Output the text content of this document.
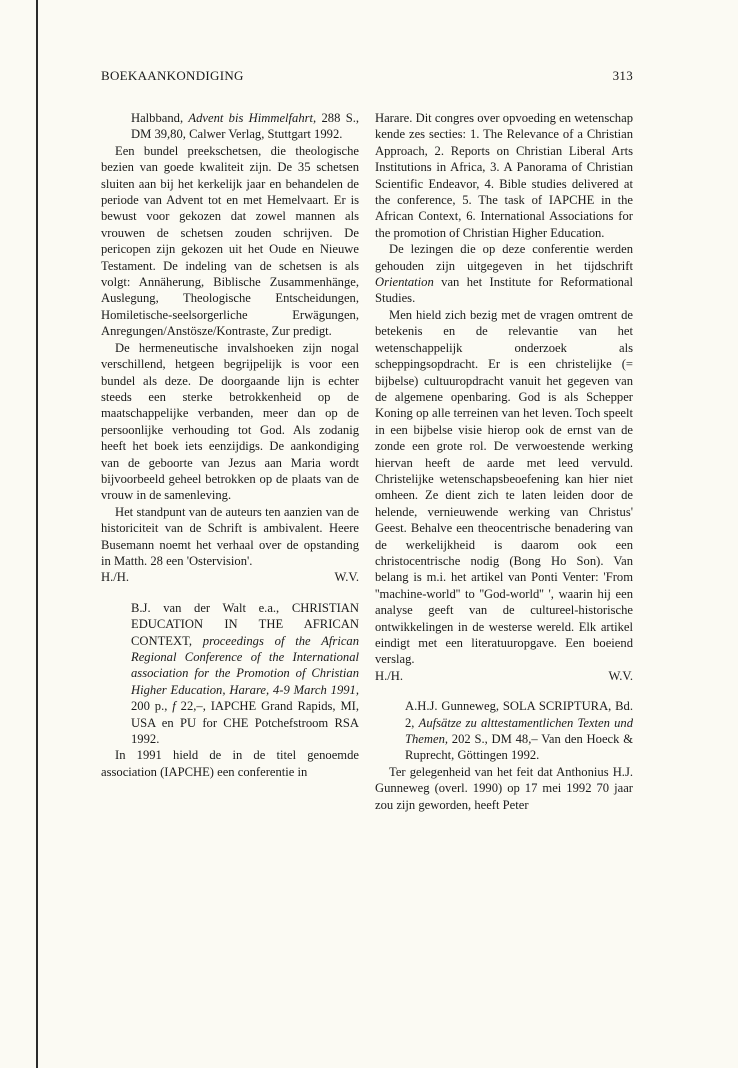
BOEKAANKONDIGING	313

Halbband, Advent bis Himmelfahrt, 288 S., DM 39,80, Calwer Verlag, Stuttgart 1992.

Een bundel preekschetsen, die theologische bezien van goede kwaliteit zijn. De 35 schetsen sluiten aan bij het kerkelijk jaar en behandelen de periode van Advent tot en met Hemelvaart. Er is bewust voor gekozen dat zowel mannen als vrouwen de schetsen zouden schrijven. De pericopen zijn gekozen uit het Oude en Nieuwe Testament. De indeling van de schetsen is als volgt: Annäherung, Biblische Zusammenhänge, Auslegung, Theologische Entscheidungen, Homiletische-seelsorgerliche Erwägungen, Anregungen/Anstösze/Kontraste, Zur predigt.

De hermeneutische invalshoeken zijn nogal verschillend, hetgeen begrijpelijk is voor een bundel als deze. De doorgaande lijn is echter steeds een sterke betrokkenheid op de maatschappelijke verbanden, meer dan op de persoonlijke verhouding tot God. Als zodanig heeft het boek iets eenzijdigs. De aankondiging van de geboorte van Jezus aan Maria wordt bijvoorbeeld geheel betrokken op de plaats van de vrouw in de samenleving.

Het standpunt van de auteurs ten aanzien van de historiciteit van de Schrift is ambivalent. Heere Busemann noemt het verhaal over de opstanding in Matth. 28 een 'Ostervision'.

H./H.	W.V.

B.J. van der Walt e.a., CHRISTIAN EDUCATION IN THE AFRICAN CONTEXT, proceedings of the African Regional Conference of the International association for the Promotion of Christian Higher Education, Harare, 4-9 March 1991, 200 p., f 22,–, IAPCHE Grand Rapids, MI, USA en PU for CHE Potchefstroom RSA 1992.

In 1991 hield de in de titel genoemde association (IAPCHE) een conferentie in

Harare. Dit congres over opvoeding en wetenschap kende zes secties: 1. The Relevance of a Christian Approach, 2. Reports on Christian Liberal Arts Institutions in Africa, 3. A Panorama of Christian Scientific Endeavor, 4. Bible studies delivered at the conference, 5. The task of IAPCHE in the African Context, 6. International Associations for the promotion of Christian Higher Education.

De lezingen die op deze conferentie werden gehouden zijn uitgegeven in het tijdschrift Orientation van het Institute for Reformational Studies.

Men hield zich bezig met de vragen omtrent de betekenis en de relevantie van het wetenschappelijk onderzoek als scheppingsopdracht. Er is een christelijke (= bijbelse) cultuuropdracht vanuit het gegeven van de algemene openbaring. God is als Schepper Koning op alle terreinen van het leven. Toch speelt in een bijbelse visie hierop ook de ernst van de zonde een grote rol. De verwoestende werking hiervan heeft de aarde met leed vervuld. Christelijke wetenschapsbeoefening kan hier niet omheen. Ze dient zich te laten leiden door de helende, vernieuwende werking van Christus' Geest. Behalve een theocentrische benadering van de werkelijkheid is daarom ook een christocentrische nodig (Bong Ho Son). Van belang is m.i. het artikel van Ponti Venter: 'From ''machine-world'' to ''God-world'' ', waarin hij een analyse geeft van de cultureel-historische ontwikkelingen in de westerse wereld. Elk artikel eindigt met een literatuuropgave. Een boeiend verslag.

H./H.	W.V.

A.H.J. Gunneweg, SOLA SCRIPTURA, Bd. 2, Aufsätze zu alttestamentlichen Texten und Themen, 202 S., DM 48,– Van den Hoeck & Ruprecht, Göttingen 1992.

Ter gelegenheid van het feit dat Anthonius H.J. Gunneweg (overl. 1990) op 17 mei 1992 70 jaar zou zijn geworden, heeft Peter
